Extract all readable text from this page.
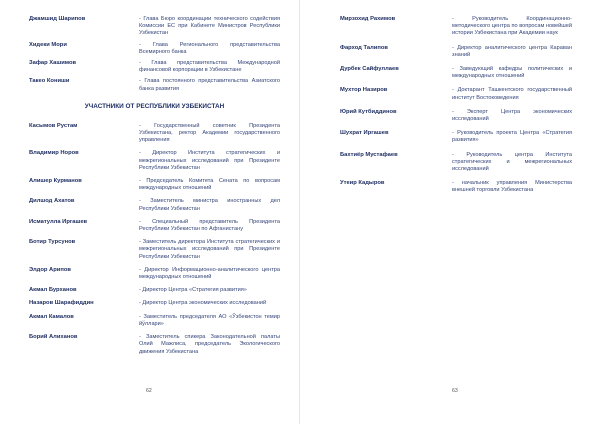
Джамшид Шарипов	- Глава Бюро координации технического содействия Комиссии ЕС при Кабинете Министров Республики Узбекистан
Хидеки Мори	- Глава Регионального представительства Всемирного банка
Зафар Хашимов	- Глава представительства Международной финансовой корпорации в Узбекистане
Такео Кониши	- Глава постоянного представительства Азиатского банка развития
УЧАСТНИКИ ОТ РЕСПУБЛИКИ УЗБЕКИСТАН
Касымов Рустам	- Государственный советник Президента Узбекистана, ректор Академии государственного управления
Владимир Норов	- Директор Института стратегических и межрегиональных исследований при Президенте Республики Узбекистан
Алишер Курманов	- Председатель Комитета Сената по вопросам международных отношений
Дилшод Ахатов	- Заместитель министра иностранных дел Республики Узбекистан
Исматулла Иргашев	- Специальный представитель Президента Республики Узбекистан по Афганистану
Ботир Турсунов	- Заместитель директора Института стратегических и межрегиональных исследований при Президенте Республики Узбекистан
Элдор Арипов	- Директор Информационно-аналитического центра международных отношений
Акмал Бурханов	- Директор Центра «Стратегия развития»
Назаров Шарафиддин	- Директор Центра экономических исследований
Акмал Камалов	- Заместитель председателя АО «Ўзбекистон темир йўллари»
Борий Алиханов	- Заместитель спикера Законодательной палаты Олий Мажлиса, председатель Экологического движения Узбекистана
62
Мирзохид Рахимов	- Руководитель Координационно-методического центра по вопросам новейшей истории Узбекистана при Академии наук
Фарход Талипов	- Директор аналитического центра Караван знаний
Дурбек Сайфуллаев	- Заведующий кафедры политических и международных отношений
Мухтор Назиров	- Доктарант Ташкентского государственный институт Востоковедения
Юрий Кутбиддинов	- Эксперт Центра экономических исследований
Шухрат Иргашев	- Руководитель проекта Центра «Стратегия развития»
Бахтиёр Мустафаев	- Руководитель центра Института стратегических и межрегиональных исследований
Утеир Кадыров	- начальник управления Министерства внешней торговли Узбекистана
63
